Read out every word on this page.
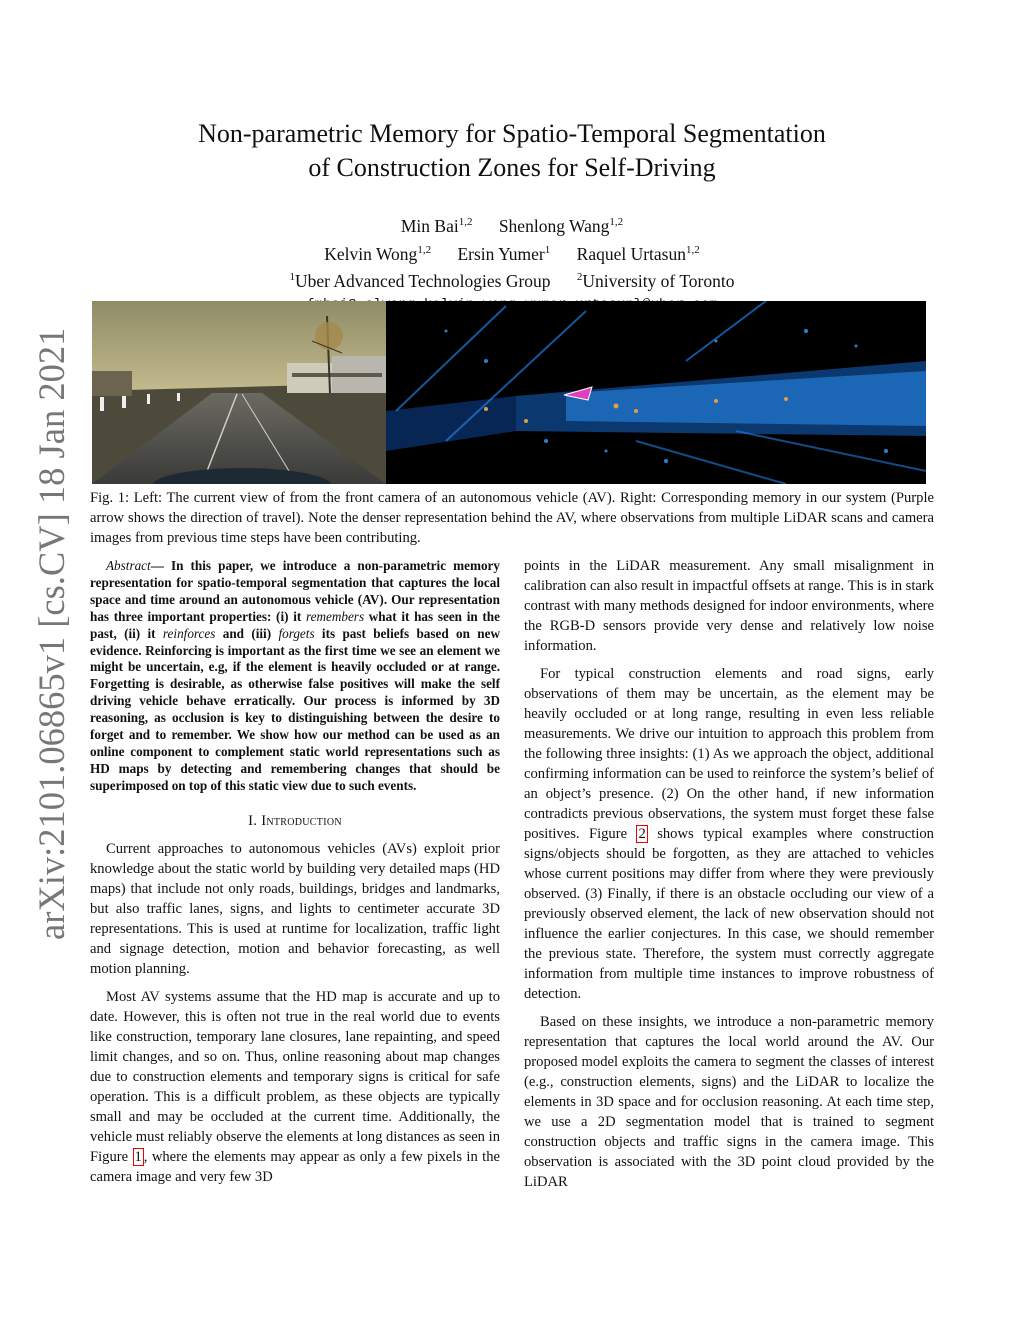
arXiv:2101.06865v1 [cs.CV] 18 Jan 2021
Non-parametric Memory for Spatio-Temporal Segmentation
of Construction Zones for Self-Driving
Min Bai$^{1,2}$ Shenlong Wang$^{1,2}$
Kelvin Wong$^{1,2}$ Ersin Yumer$^1$ Raquel Urtasun$^{1,2}$
$^1$Uber Advanced Technologies Group $^2$University of Toronto
Fig. 1: Left: The current view of from the front camera of an autonomous vehicle (AV). Right: Corresponding memory in our system (Purple arrow shows the direction of travel). Note the denser representation behind the AV, where observations from multiple LiDAR scans and camera images from previous time steps have been contributing.

Abstract— In this paper, we introduce a non-parametric memory representation for spatio-temporal segmentation that captures the local space and time around an autonomous vehicle (AV). Our representation has three important properties: (i) it remembers what it has seen in the past, (ii) it reinforces and (iii) forgets its past beliefs based on new evidence. Reinforcing is important as the first time we see an element we might be uncertain, e.g, if the element is heavily occluded or at range. Forgetting is desirable, as otherwise false positives will make the self driving vehicle behave erratically. Our process is informed by 3D reasoning, as occlusion is key to distinguishing between the desire to forget and to remember. We show how our method can be used as an online component to complement static world representations such as HD maps by detecting and remembering changes that should be superimposed on top of this static view due to such events.

I. Introduction

Current approaches to autonomous vehicles (AVs) exploit prior knowledge about the static world by building very detailed maps (HD maps) that include not only roads, buildings, bridges and landmarks, but also traffic lanes, signs, and lights to centimeter accurate 3D representations. This is used at runtime for localization, traffic light and signage detection, motion and behavior forecasting, as well motion planning.

Most AV systems assume that the HD map is accurate and up to date. However, this is often not true in the real world due to events like construction, temporary lane closures, lane repainting, and speed limit changes, and so on. Thus, online reasoning about map changes due to construction elements and temporary signs is critical for safe operation. This is a difficult problem, as these objects are typically small and may be occluded at the current time. Additionally, the vehicle must reliably observe the elements at long distances as seen in Figure 1 , where the elements may appear as only a few pixels in the camera image and very few 3D

points in the LiDAR measurement. Any small misalignment in calibration can also result in impactful offsets at range. This is in stark contrast with many methods designed for indoor environments, where the RGB-D sensors provide very dense and relatively low noise information.

For typical construction elements and road signs, early observations of them may be uncertain, as the element may be heavily occluded or at long range, resulting in even less reliable measurements. We drive our intuition to approach this problem from the following three insights: (1) As we approach the object, additional confirming information can be used to reinforce the system’s belief of an object’s presence. (2) On the other hand, if new information contradicts previous observations, the system must forget these false positives. Figure 2 shows typical examples where construction signs/objects should be forgotten, as they are attached to vehicles whose current positions may differ from where they were previously observed. (3) Finally, if there is an obstacle occluding our view of a previously observed element, the lack of new observation should not influence the earlier conjectures. In this case, we should remember the previous state. Therefore, the system must correctly aggregate information from multiple time instances to improve robustness of detection.

Based on these insights, we introduce a non-parametric memory representation that captures the local world around the AV. Our proposed model exploits the camera to segment the classes of interest (e.g., construction elements, signs) and the LiDAR to localize the elements in 3D space and for occlusion reasoning. At each time step, we use a 2D segmentation model that is trained to segment construction objects and traffic signs in the camera image. This observation is associated with the 3D point cloud provided by the LiDAR
